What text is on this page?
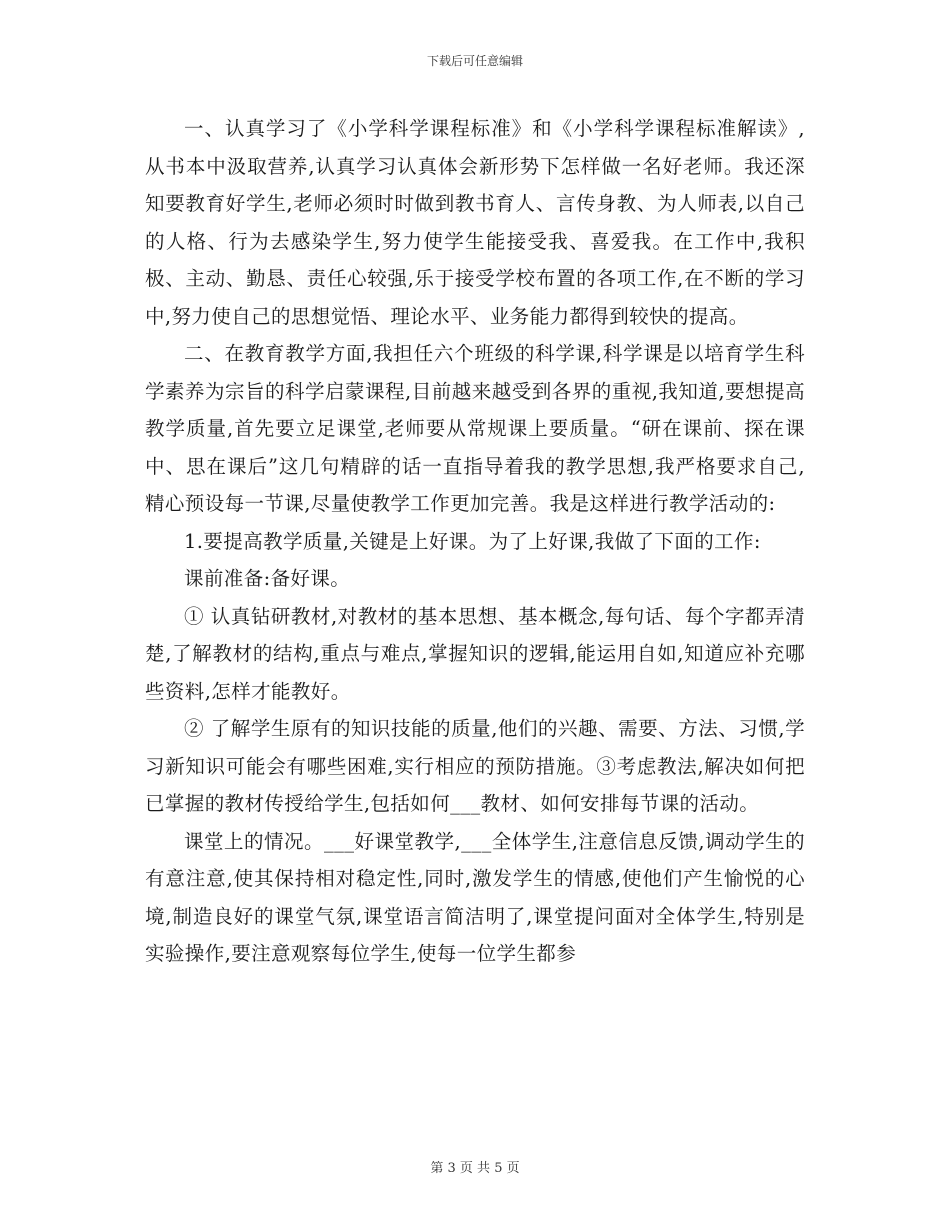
下载后可任意编辑

一、认真学习了《小学科学课程标准》和《小学科学课程标准解读》,从书本中汲取营养,认真学习认真体会新形势下怎样做一名好老师。我还深知要教育好学生,老师必须时时做到教书育人、言传身教、为人师表,以自己的人格、行为去感染学生,努力使学生能接受我、喜爱我。在工作中,我积极、主动、勤恳、责任心较强,乐于接受学校布置的各项工作,在不断的学习中,努力使自己的思想觉悟、理论水平、业务能力都得到较快的提高。

二、在教育教学方面,我担任六个班级的科学课,科学课是以培育学生科学素养为宗旨的科学启蒙课程,目前越来越受到各界的重视,我知道,要想提高教学质量,首先要立足课堂,老师要从常规课上要质量。“研在课前、探在课中、思在课后”这几句精辟的话一直指导着我的教学思想,我严格要求自己,精心预设每一节课,尽量使教学工作更加完善。我是这样进行教学活动的:

1.要提高教学质量,关键是上好课。为了上好课,我做了下面的工作:

课前准备:备好课。

① 认真钻研教材,对教材的基本思想、基本概念,每句话、每个字都弄清楚,了解教材的结构,重点与难点,掌握知识的逻辑,能运用自如,知道应补充哪些资料,怎样才能教好。

② 了解学生原有的知识技能的质量,他们的兴趣、需要、方法、习惯,学习新知识可能会有哪些困难,实行相应的预防措施。③考虑教法,解决如何把已掌握的教材传授给学生,包括如何___教材、如何安排每节课的活动。

课堂上的情况。___好课堂教学,___全体学生,注意信息反馈,调动学生的有意注意,使其保持相对稳定性,同时,激发学生的情感,使他们产生愉悦的心境,制造良好的课堂气氛,课堂语言简洁明了,课堂提问面对全体学生,特别是实验操作,要注意观察每位学生,使每一位学生都参

第 3 页 共 5 页
